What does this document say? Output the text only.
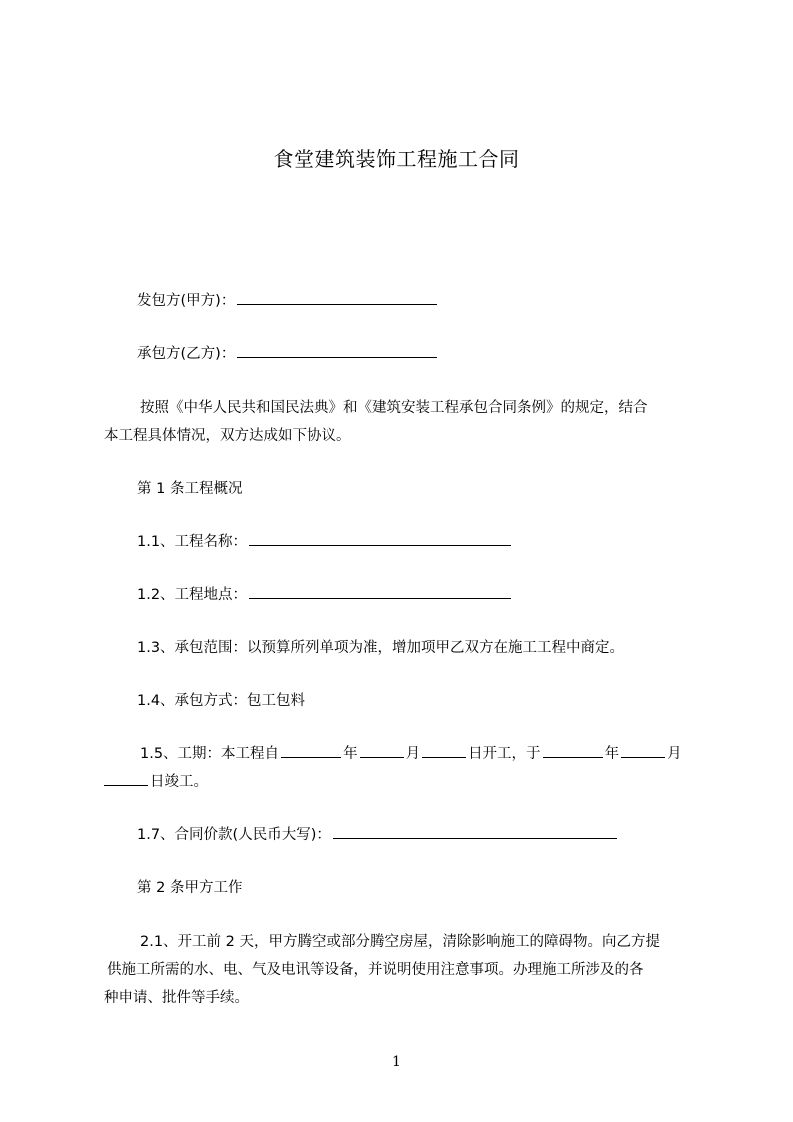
食堂建筑装饰工程施工合同
发包方(甲方)：
承包方(乙方)：
按照《中华人民共和国民法典》和《建筑安装工程承包合同条例》的规定，结合
本工程具体情况，双方达成如下协议。
第 1 条工程概况
1.1、工程名称：
1.2、工程地点：
1.3、承包范围：以预算所列单项为准，增加项甲乙双方在施工工程中商定。
1.4、承包方式：包工包料
1.5、工期：本工程自	年	月	日开工，于	年	月
日竣工。
1.7、合同价款(人民币大写)：
第 2 条甲方工作
2.1、开工前 2 天，甲方腾空或部分腾空房屋，清除影响施工的障碍物。向乙方提
供施工所需的水、电、气及电讯等设备，并说明使用注意事项。办理施工所涉及的各
种申请、批件等手续。
1
